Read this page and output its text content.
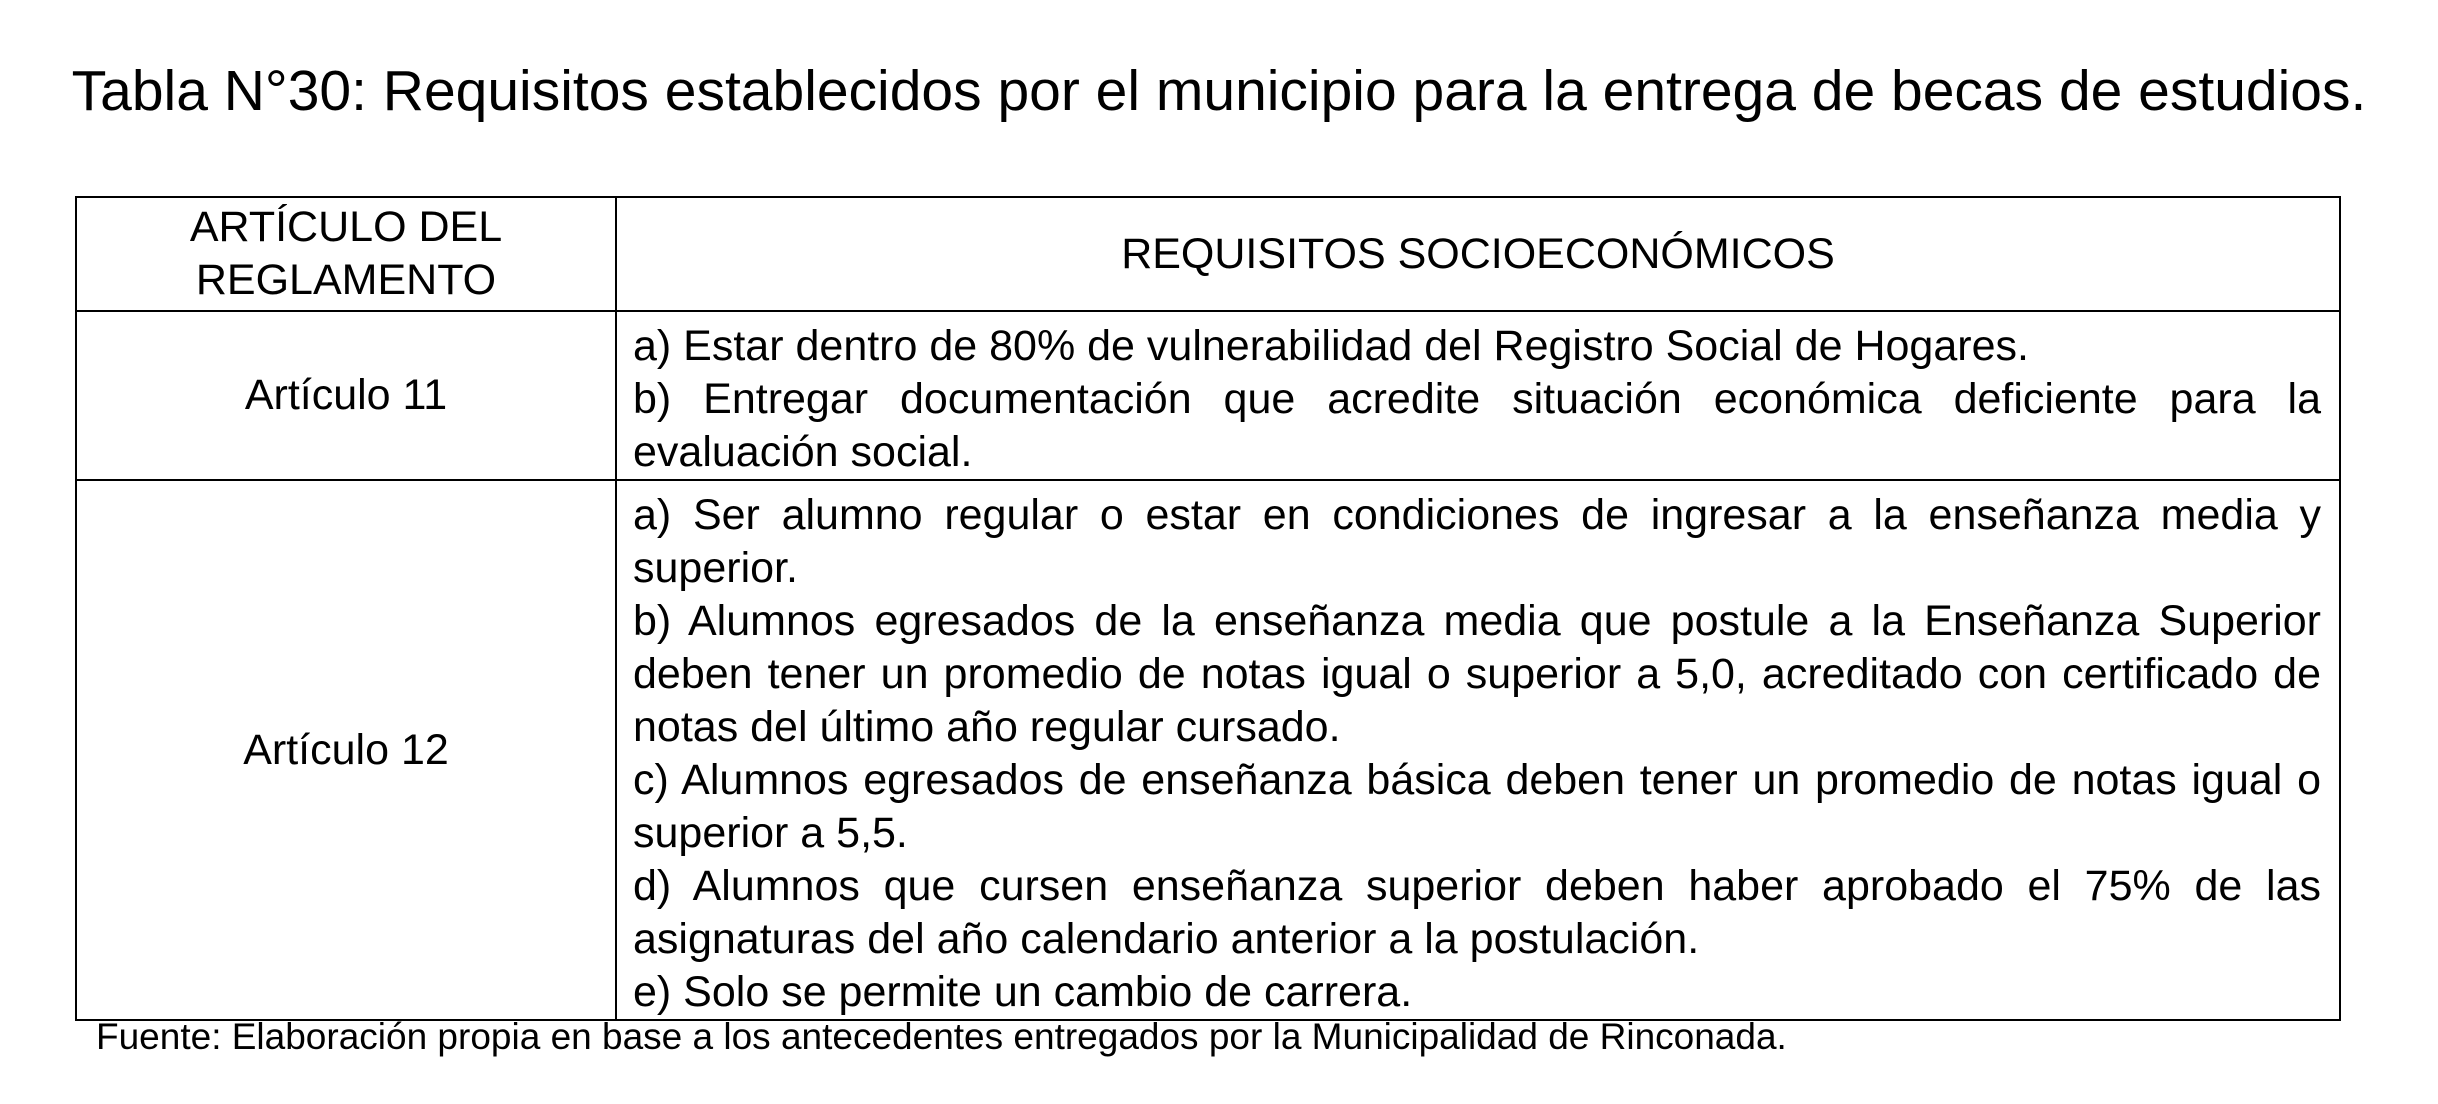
Tabla N°30: Requisitos establecidos por el municipio para la entrega de becas de estudios.
ARTÍCULO DEL REGLAMENTO	REQUISITOS SOCIOECONÓMICOS
Artículo 11	a) Estar dentro de 80% de vulnerabilidad del Registro Social de Hogares.
b) Entregar documentación que acredite situación económica deficiente para la evaluación social.

Artículo 12	a) Ser alumno regular o estar en condiciones de ingresar a la enseñanza media y superior.
b) Alumnos egresados de la enseñanza media que postule a la Enseñanza Superior deben tener un promedio de notas igual o superior a 5,0, acreditado con certificado de notas del último año regular cursado.
c) Alumnos egresados de enseñanza básica deben tener un promedio de notas igual o superior a 5,5.
d) Alumnos que cursen enseñanza superior deben haber aprobado el 75% de las asignaturas del año calendario anterior a la postulación.
e) Solo se permite un cambio de carrera.

Fuente: Elaboración propia en base a los antecedentes entregados por la Municipalidad de Rinconada.
